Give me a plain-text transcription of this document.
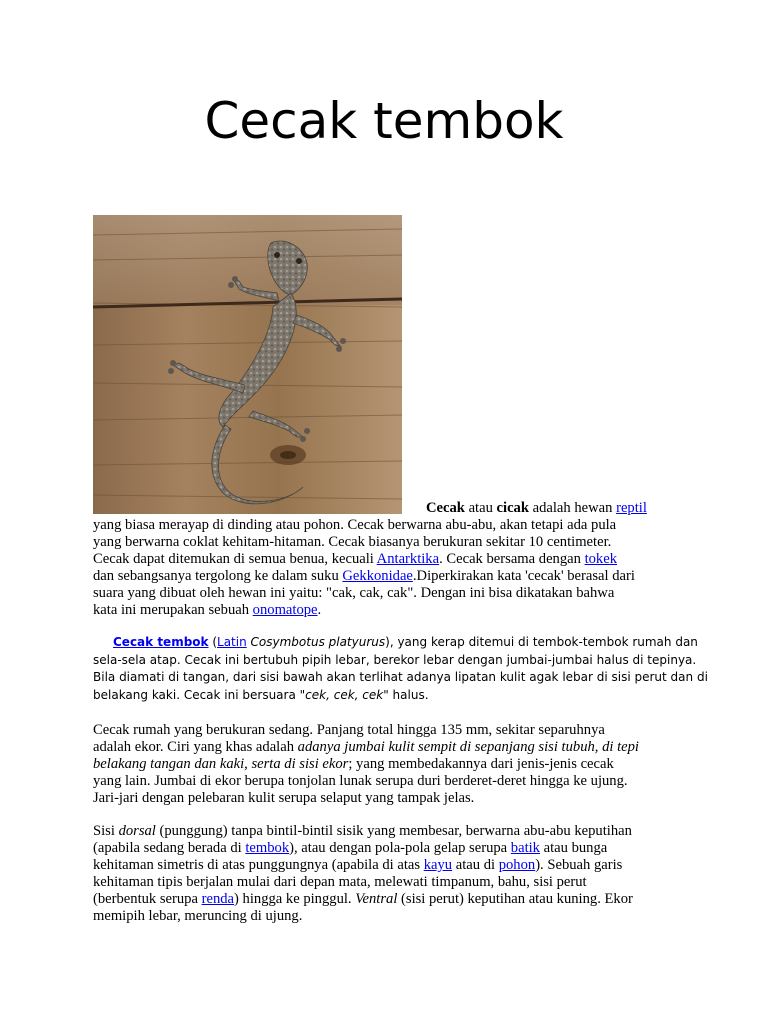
Cecak tembok
Cecak atau cicak adalah hewan reptil
yang biasa merayap di dinding atau pohon. Cecak berwarna abu-abu, akan tetapi ada pula
yang berwarna coklat kehitam-hitaman. Cecak biasanya berukuran sekitar 10 centimeter.
Cecak dapat ditemukan di semua benua, kecuali Antarktika. Cecak bersama dengan tokek
dan sebangsanya tergolong ke dalam suku Gekkonidae.Diperkirakan kata 'cecak' berasal dari
suara yang dibuat oleh hewan ini yaitu: "cak, cak, cak". Dengan ini bisa dikatakan bahwa
kata ini merupakan sebuah onomatope.
Cecak tembok (Latin Cosymbotus platyurus), yang kerap ditemui di tembok-tembok rumah dan
sela-sela atap. Cecak ini bertubuh pipih lebar, berekor lebar dengan jumbai-jumbai halus di tepinya.
Bila diamati di tangan, dari sisi bawah akan terlihat adanya lipatan kulit agak lebar di sisi perut dan di
belakang kaki. Cecak ini bersuara "cek, cek, cek" halus.
Cecak rumah yang berukuran sedang. Panjang total hingga 135 mm, sekitar separuhnya
adalah ekor. Ciri yang khas adalah adanya jumbai kulit sempit di sepanjang sisi tubuh, di tepi
belakang tangan dan kaki, serta di sisi ekor; yang membedakannya dari jenis-jenis cecak
yang lain. Jumbai di ekor berupa tonjolan lunak serupa duri berderet-deret hingga ke ujung.
Jari-jari dengan pelebaran kulit serupa selaput yang tampak jelas.
Sisi dorsal (punggung) tanpa bintil-bintil sisik yang membesar, berwarna abu-abu keputihan
(apabila sedang berada di tembok), atau dengan pola-pola gelap serupa batik atau bunga
kehitaman simetris di atas punggungnya (apabila di atas kayu atau di pohon). Sebuah garis
kehitaman tipis berjalan mulai dari depan mata, melewati timpanum, bahu, sisi perut
(berbentuk serupa renda) hingga ke pinggul. Ventral (sisi perut) keputihan atau kuning. Ekor
memipih lebar, meruncing di ujung.
